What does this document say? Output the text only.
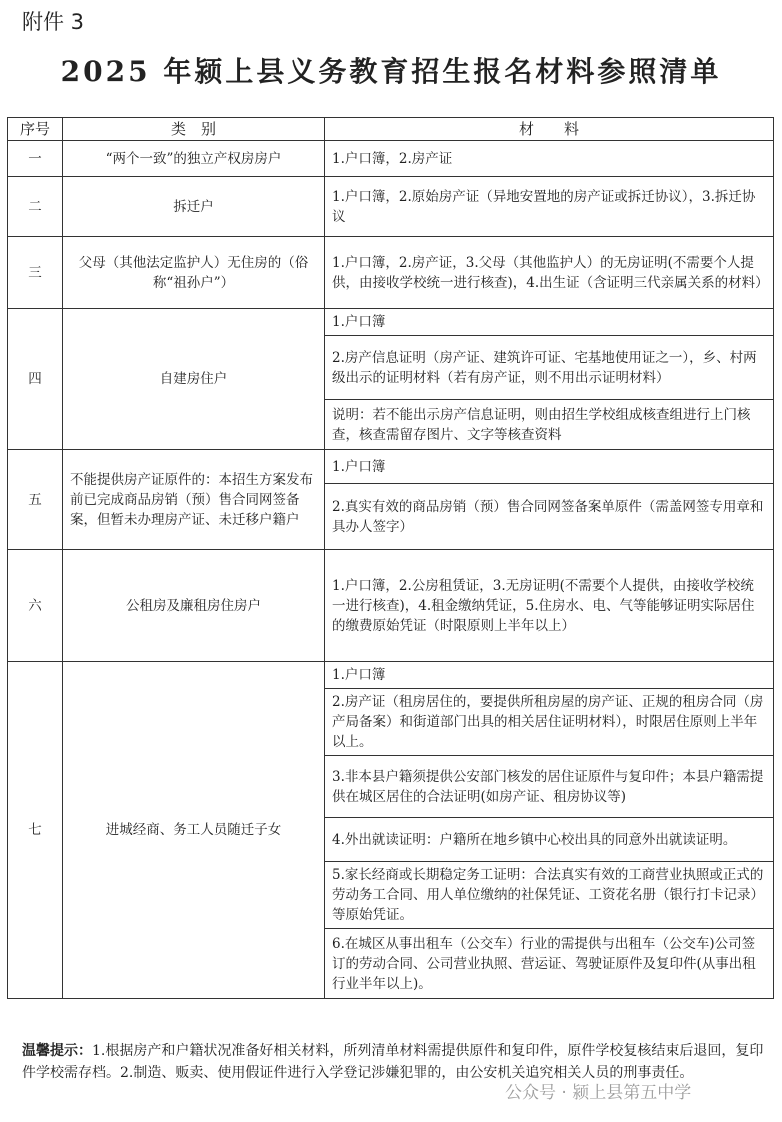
附件 3
2025 年颍上县义务教育招生报名材料参照清单
序号	类　别	材　　料
一	“两个一致”的独立产权房房户	1.户口簿，2.房产证
二	拆迁户	1.户口簿，2.原始房产证（异地安置地的房产证或拆迁协议），3.拆迁协议
三	父母（其他法定监护人）无住房的（俗称“祖孙户”）	1.户口簿，2.房产证，3.父母（其他监护人）的无房证明(不需要个人提供，由接收学校统一进行核查)，4.出生证（含证明三代亲属关系的材料）
四	自建房住户	1.户口簿
		2.房产信息证明（房产证、建筑许可证、宅基地使用证之一），乡、村两级出示的证明材料（若有房产证，则不用出示证明材料）
		说明：若不能出示房产信息证明，则由招生学校组成核查组进行上门核查，核查需留存图片、文字等核查资料
五	不能提供房产证原件的：本招生方案发布前已完成商品房销（预）售合同网签备案，但暂未办理房产证、未迁移户籍户	1.户口簿
		2.真实有效的商品房销（预）售合同网签备案单原件（需盖网签专用章和具办人签字）
六	公租房及廉租房住房户	1.户口簿，2.公房租赁证，3.无房证明(不需要个人提供，由接收学校统一进行核查)，4.租金缴纳凭证，5.住房水、电、气等能够证明实际居住的缴费原始凭证（时限原则上半年以上）
七	进城经商、务工人员随迁子女	1.户口簿
		2.房产证（租房居住的，要提供所租房屋的房产证、正规的租房合同（房产局备案）和街道部门出具的相关居住证明材料），时限居住原则上半年以上。
		3.非本县户籍须提供公安部门核发的居住证原件与复印件；本县户籍需提供在城区居住的合法证明(如房产证、租房协议等)
		4.外出就读证明：户籍所在地乡镇中心校出具的同意外出就读证明。
		5.家长经商或长期稳定务工证明：合法真实有效的工商营业执照或正式的劳动务工合同、用人单位缴纳的社保凭证、工资花名册（银行打卡记录）等原始凭证。
		6.在城区从事出租车（公交车）行业的需提供与出租车（公交车)公司签订的劳动合同、公司营业执照、营运证、驾驶证原件及复印件(从事出租行业半年以上)。
温馨提示：1.根据房产和户籍状况准备好相关材料，所列清单材料需提供原件和复印件，原件学校复核结束后退回，复印件学校需存档。2.制造、贩卖、使用假证件进行入学登记涉嫌犯罪的，由公安机关追究相关人员的刑事责任。
公众号 · 颍上县第五中学
